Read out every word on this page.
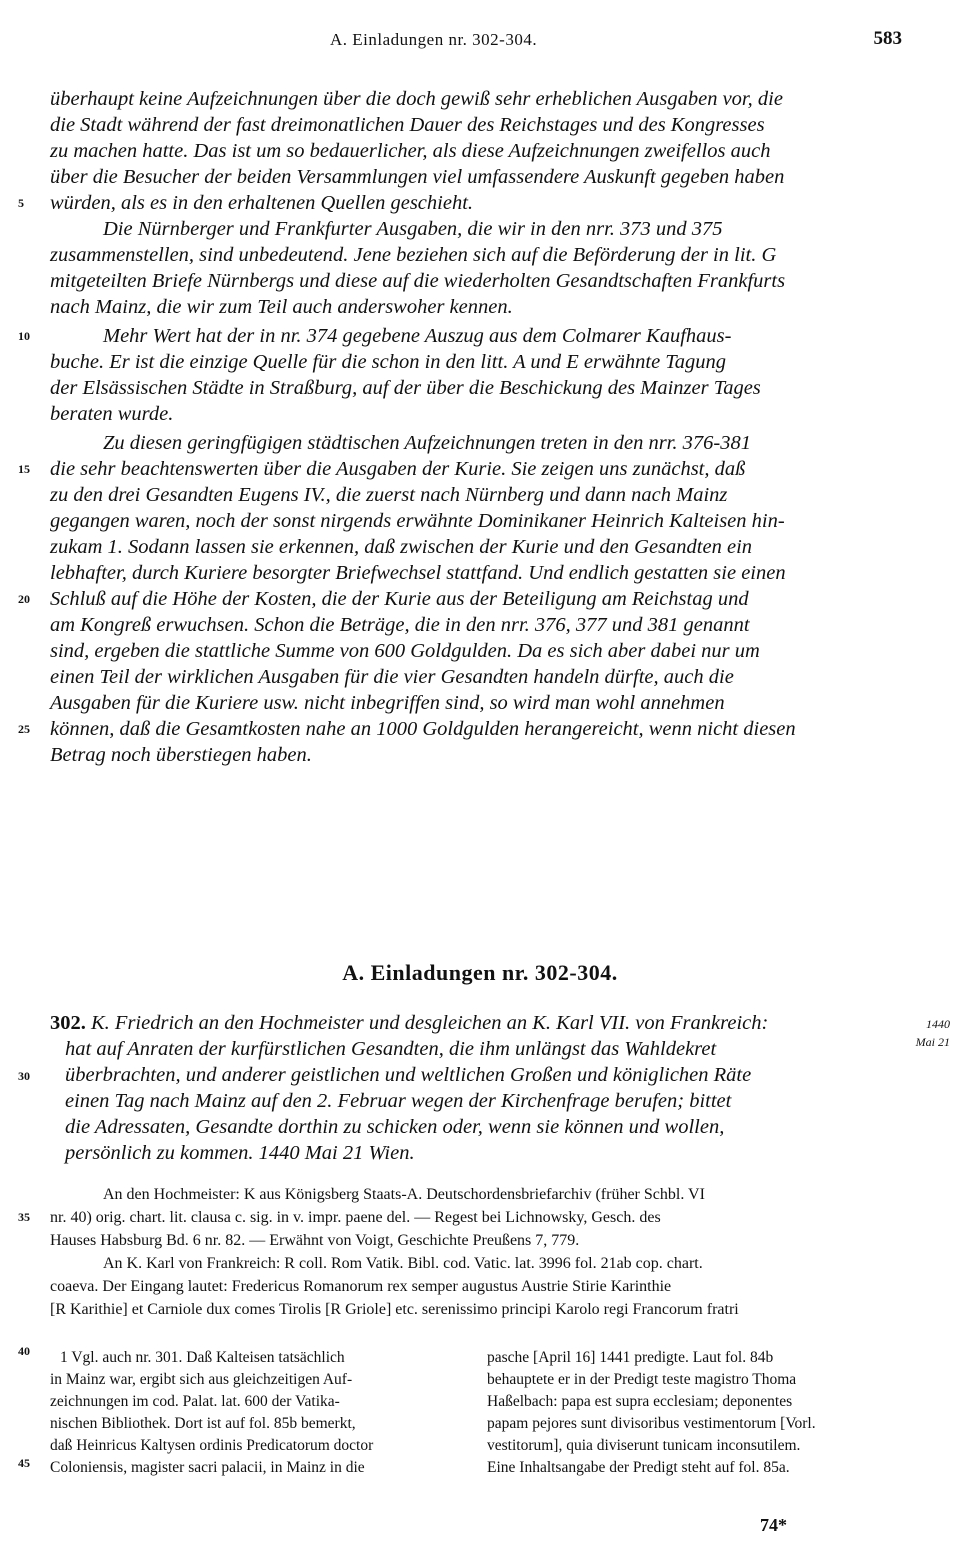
A. Einladungen nr. 302-304.	583
überhaupt keine Aufzeichnungen über die doch gewiß sehr erheblichen Ausgaben vor, die
die Stadt während der fast dreimonatlichen Dauer des Reichstages und des Kongresses
zu machen hatte. Das ist um so bedauerlicher, als diese Aufzeichnungen zweifellos auch
über die Besucher der beiden Versammlungen viel umfassendere Auskunft gegeben haben
würden, als es in den erhaltenen Quellen geschieht.
Die Nürnberger und Frankfurter Ausgaben, die wir in den nrr. 373 und 375
zusammenstellen, sind unbedeutend. Jene beziehen sich auf die Beförderung der in lit. G
mitgeteilten Briefe Nürnbergs und diese auf die wiederholten Gesandtschaften Frankfurts
nach Mainz, die wir zum Teil auch anderswoher kennen.
Mehr Wert hat der in nr. 374 gegebene Auszug aus dem Colmarer Kaufhaus-
buche. Er ist die einzige Quelle für die schon in den litt. A und E erwähnte Tagung
der Elsässischen Städte in Straßburg, auf der über die Beschickung des Mainzer Tages
beraten wurde.
Zu diesen geringfügigen städtischen Aufzeichnungen treten in den nrr. 376-381
die sehr beachtenswerten über die Ausgaben der Kurie. Sie zeigen uns zunächst, daß
zu den drei Gesandten Eugens IV., die zuerst nach Nürnberg und dann nach Mainz
gegangen waren, noch der sonst nirgends erwähnte Dominikaner Heinrich Kalteisen hin-
zukam 1. Sodann lassen sie erkennen, daß zwischen der Kurie und den Gesandten ein
lebhafter, durch Kuriere besorgter Briefwechsel stattfand. Und endlich gestatten sie einen
Schluß auf die Höhe der Kosten, die der Kurie aus der Beteiligung am Reichstag und
am Kongreß erwuchsen. Schon die Beträge, die in den nrr. 376, 377 und 381 genannt
sind, ergeben die stattliche Summe von 600 Goldgulden. Da es sich aber dabei nur um
einen Teil der wirklichen Ausgaben für die vier Gesandten handeln dürfte, auch die
Ausgaben für die Kuriere usw. nicht inbegriffen sind, so wird man wohl annehmen
können, daß die Gesamtkosten nahe an 1000 Goldgulden herangereicht, wenn nicht diesen
Betrag noch überstiegen haben.
5
10
15
20
25
A. Einladungen nr. 302-304.
302. K. Friedrich an den Hochmeister und desgleichen an K. Karl VII. von Frankreich:
hat auf Anraten der kurfürstlichen Gesandten, die ihm unlängst das Wahldekret
überbrachten, und anderer geistlichen und weltlichen Großen und königlichen Räte
einen Tag nach Mainz auf den 2. Februar wegen der Kirchenfrage berufen; bittet
die Adressaten, Gesandte dorthin zu schicken oder, wenn sie können und wollen,
persönlich zu kommen. 1440 Mai 21 Wien.
1440
Mai 21
30
35
40
45
An den Hochmeister: K aus Königsberg Staats-A. Deutschordensbriefarchiv (früher Schbl. VI
nr. 40) orig. chart. lit. clausa c. sig. in v. impr. paene del. — Regest bei Lichnowsky, Gesch. des
Hauses Habsburg Bd. 6 nr. 82. — Erwähnt von Voigt, Geschichte Preußens 7, 779.
An K. Karl von Frankreich: R coll. Rom Vatik. Bibl. cod. Vatic. lat. 3996 fol. 21ab cop. chart.
coaeva. Der Eingang lautet: Fredericus Romanorum rex semper augustus Austrie Stirie Karinthie
[R Karithie] et Carniole dux comes Tirolis [R Griole] etc. serenissimo principi Karolo regi Francorum fratri
1 Vgl. auch nr. 301. Daß Kalteisen tatsächlich
in Mainz war, ergibt sich aus gleichzeitigen Auf-
zeichnungen im cod. Palat. lat. 600 der Vatika-
nischen Bibliothek. Dort ist auf fol. 85b bemerkt,
daß Heinricus Kaltysen ordinis Predicatorum doctor
Coloniensis, magister sacri palacii, in Mainz in die
pasche [April 16] 1441 predigte. Laut fol. 84b
behauptete er in der Predigt teste magistro Thoma
Haßelbach: papa est supra ecclesiam; deponentes
papam pejores sunt divisoribus vestimentorum [Vorl.
vestitorum], quia diviserunt tunicam inconsutilem.
Eine Inhaltsangabe der Predigt steht auf fol. 85a.
74*
